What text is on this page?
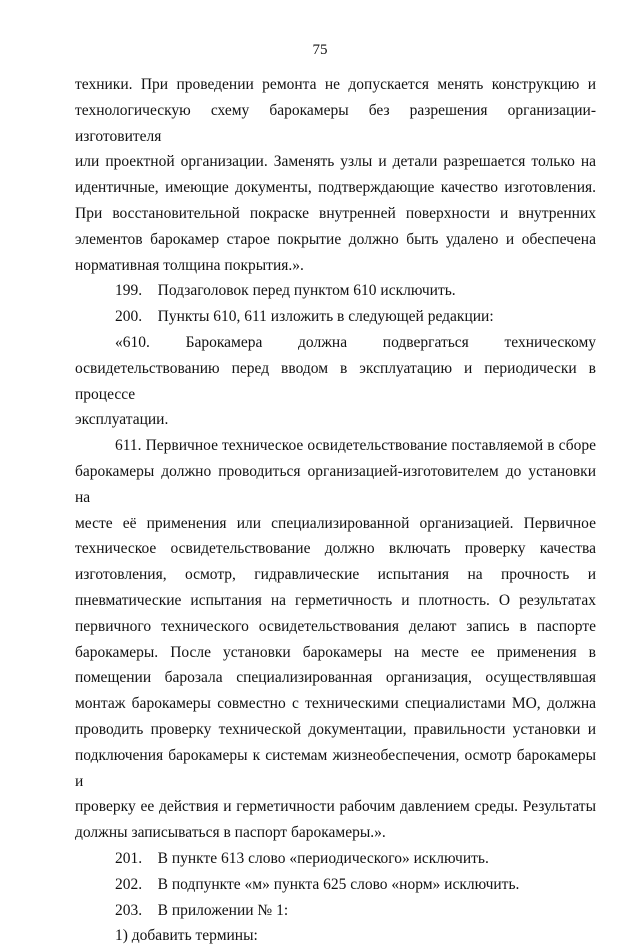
75
техники. При проведении ремонта не допускается менять конструкцию и
технологическую схему барокамеры без разрешения организации-изготовителя
или проектной организации. Заменять узлы и детали разрешается только на
идентичные, имеющие документы, подтверждающие качество изготовления.
При восстановительной покраске внутренней поверхности и внутренних
элементов барокамер старое покрытие должно быть удалено и обеспечена
нормативная толщина покрытия.».
199.    Подзаголовок перед пунктом 610 исключить.
200.    Пункты 610, 611 изложить в следующей редакции:
«610. Барокамера должна подвергаться техническому
освидетельствованию перед вводом в эксплуатацию и периодически в процессе
эксплуатации.
611. Первичное техническое освидетельствование поставляемой в сборе
барокамеры должно проводиться организацией-изготовителем до установки на
месте её применения или специализированной организацией. Первичное
техническое освидетельствование должно включать проверку качества
изготовления, осмотр, гидравлические испытания на прочность и
пневматические испытания на герметичность и плотность. О результатах
первичного технического освидетельствования делают запись в паспорте
барокамеры. После установки барокамеры на месте ее применения в
помещении барозала специализированная организация, осуществлявшая
монтаж барокамеры совместно с техническими специалистами МО, должна
проводить проверку технической документации, правильности установки и
подключения барокамеры к системам жизнеобеспечения, осмотр барокамеры и
проверку ее действия и герметичности рабочим давлением среды. Результаты
должны записываться в паспорт барокамеры.».
201.    В пункте 613 слово «периодического» исключить.
202.    В подпункте «м» пункта 625 слово «норм» исключить.
203.    В приложении № 1:
1) добавить термины:
